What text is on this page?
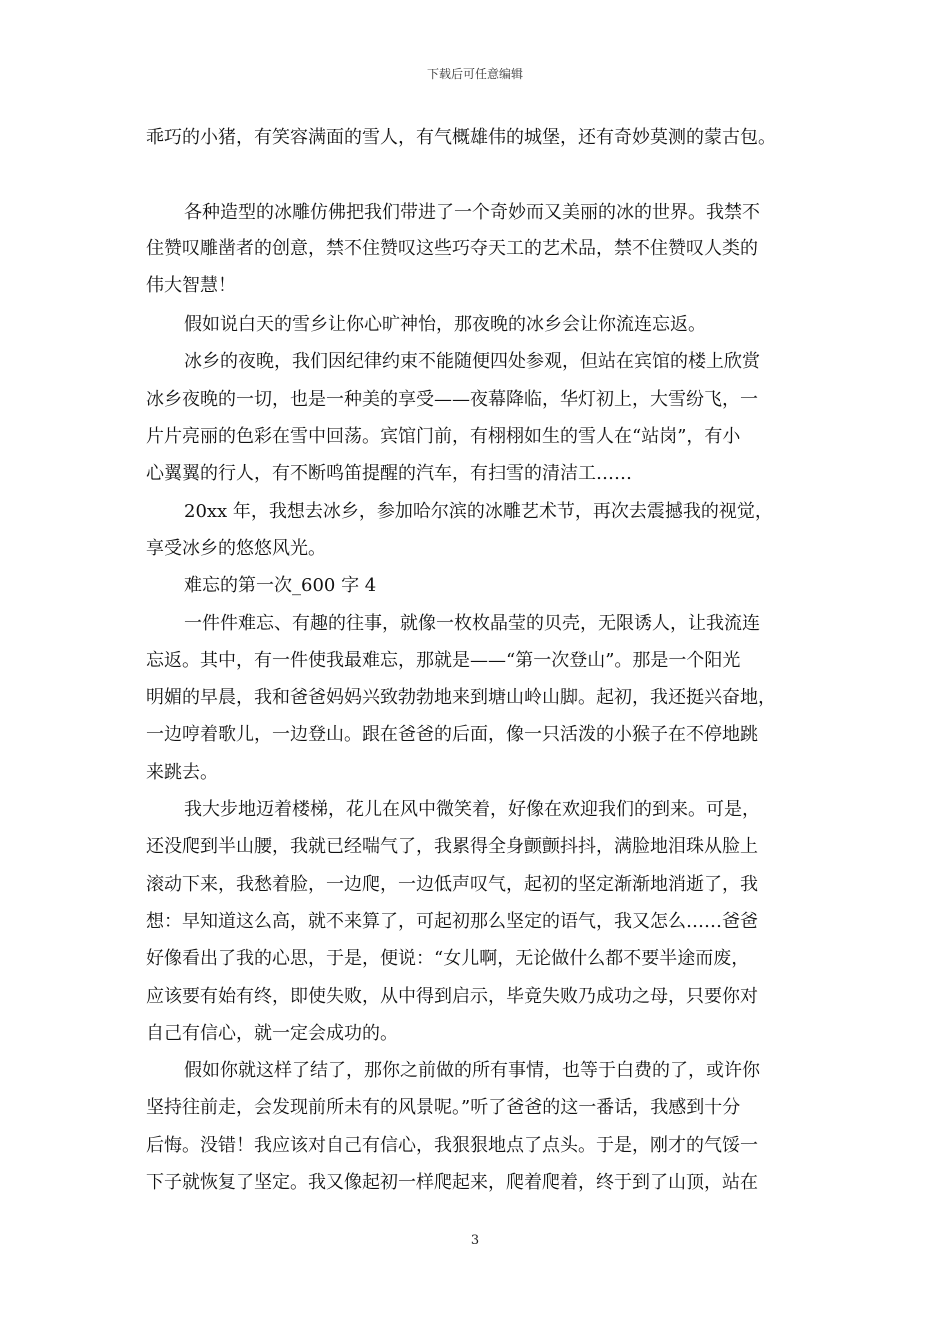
下载后可任意编辑
乖巧的小猪，有笑容满面的雪人，有气概雄伟的城堡，还有奇妙莫测的蒙古包。
各种造型的冰雕仿佛把我们带进了一个奇妙而又美丽的冰的世界。我禁不
住赞叹雕凿者的创意，禁不住赞叹这些巧夺天工的艺术品，禁不住赞叹人类的
伟大智慧！
假如说白天的雪乡让你心旷神怡，那夜晚的冰乡会让你流连忘返。
冰乡的夜晚，我们因纪律约束不能随便四处参观，但站在宾馆的楼上欣赏
冰乡夜晚的一切，也是一种美的享受——夜幕降临，华灯初上，大雪纷飞，一
片片亮丽的色彩在雪中回荡。宾馆门前，有栩栩如生的雪人在“站岗”，有小
心翼翼的行人，有不断鸣笛提醒的汽车，有扫雪的清洁工……
20xx 年，我想去冰乡，参加哈尔滨的冰雕艺术节，再次去震撼我的视觉，
享受冰乡的悠悠风光。
难忘的第一次_600 字 4
一件件难忘、有趣的往事，就像一枚枚晶莹的贝壳，无限诱人，让我流连
忘返。其中，有一件使我最难忘，那就是——“第一次登山”。那是一个阳光
明媚的早晨，我和爸爸妈妈兴致勃勃地来到塘山岭山脚。起初，我还挺兴奋地，
一边哼着歌儿，一边登山。跟在爸爸的后面，像一只活泼的小猴子在不停地跳
来跳去。
我大步地迈着楼梯，花儿在风中微笑着，好像在欢迎我们的到来。可是，
还没爬到半山腰，我就已经喘气了，我累得全身颤颤抖抖，满脸地泪珠从脸上
滚动下来，我愁着脸，一边爬，一边低声叹气，起初的坚定渐渐地消逝了，我
想：早知道这么高，就不来算了，可起初那么坚定的语气，我又怎么……爸爸
好像看出了我的心思，于是，便说：“女儿啊，无论做什么都不要半途而废，
应该要有始有终，即使失败，从中得到启示，毕竟失败乃成功之母，只要你对
自己有信心，就一定会成功的。
假如你就这样了结了，那你之前做的所有事情，也等于白费的了，或许你
坚持往前走，会发现前所未有的风景呢。”听了爸爸的这一番话，我感到十分
后悔。没错！我应该对自己有信心，我狠狠地点了点头。于是，刚才的气馁一
下子就恢复了坚定。我又像起初一样爬起来，爬着爬着，终于到了山顶，站在
3
